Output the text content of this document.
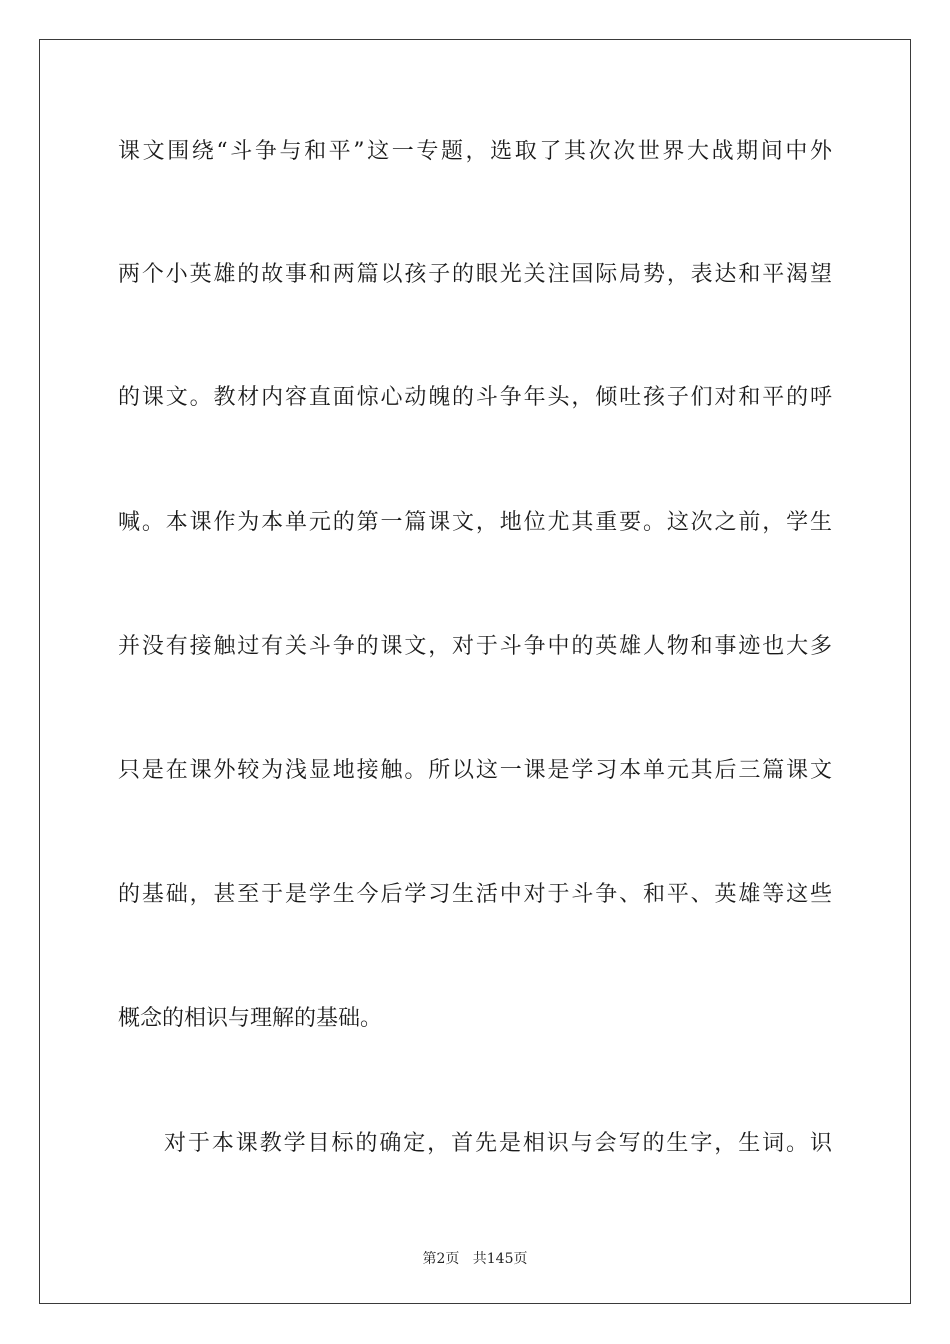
课文围绕“斗争与和平”这一专题，选取了其次次世界大战期间中外
两个小英雄的故事和两篇以孩子的眼光关注国际局势，表达和平渴望
的课文。教材内容直面惊心动魄的斗争年头，倾吐孩子们对和平的呼
喊。本课作为本单元的第一篇课文，地位尤其重要。这次之前，学生
并没有接触过有关斗争的课文，对于斗争中的英雄人物和事迹也大多
只是在课外较为浅显地接触。所以这一课是学习本单元其后三篇课文
的基础，甚至于是学生今后学习生活中对于斗争、和平、英雄等这些
概念的相识与理解的基础。
对于本课教学目标的确定，首先是相识与会写的生字，生词。识
第2页 共145页
